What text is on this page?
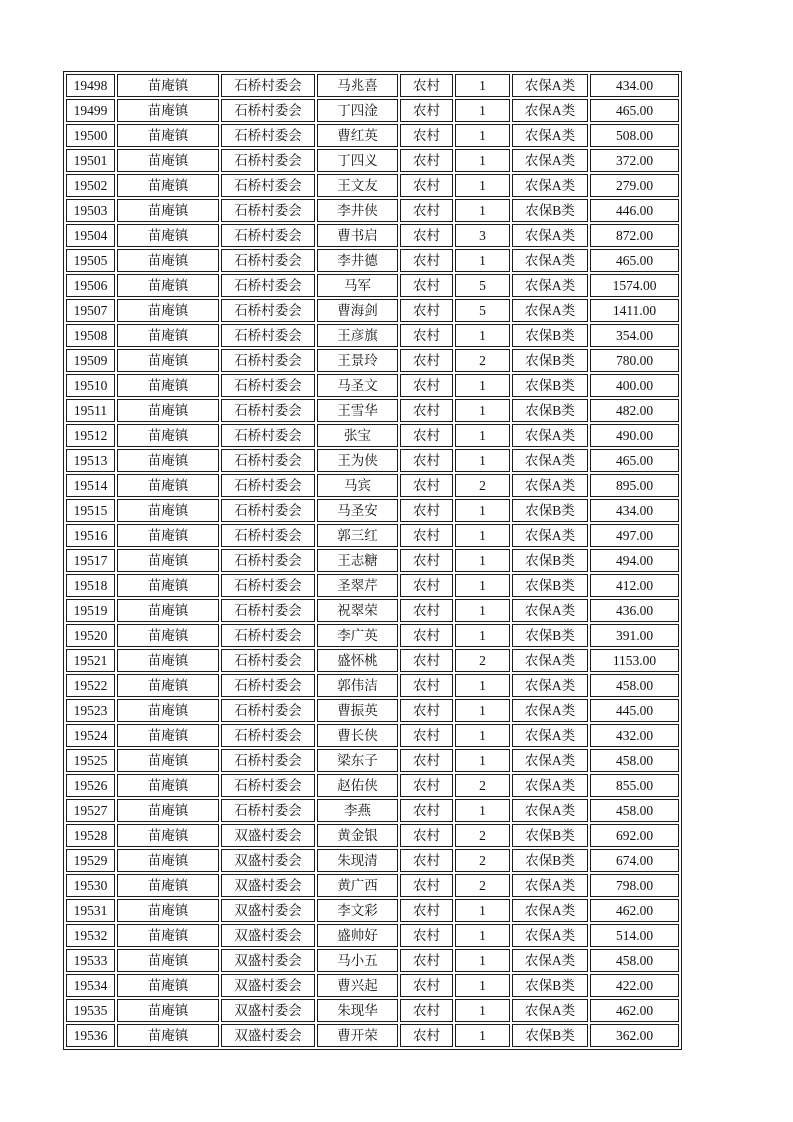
19498	苗庵镇	石桥村委会	马兆喜	农村	1	农保A类	434.00
19499	苗庵镇	石桥村委会	丁四淦	农村	1	农保A类	465.00
19500	苗庵镇	石桥村委会	曹红英	农村	1	农保A类	508.00
19501	苗庵镇	石桥村委会	丁四义	农村	1	农保A类	372.00
19502	苗庵镇	石桥村委会	王文友	农村	1	农保A类	279.00
19503	苗庵镇	石桥村委会	李井侠	农村	1	农保B类	446.00
19504	苗庵镇	石桥村委会	曹书启	农村	3	农保A类	872.00
19505	苗庵镇	石桥村委会	李井德	农村	1	农保A类	465.00
19506	苗庵镇	石桥村委会	马军	农村	5	农保A类	1574.00
19507	苗庵镇	石桥村委会	曹海剑	农村	5	农保A类	1411.00
19508	苗庵镇	石桥村委会	王彦旗	农村	1	农保B类	354.00
19509	苗庵镇	石桥村委会	王景玲	农村	2	农保B类	780.00
19510	苗庵镇	石桥村委会	马圣文	农村	1	农保B类	400.00
19511	苗庵镇	石桥村委会	王雪华	农村	1	农保B类	482.00
19512	苗庵镇	石桥村委会	张宝	农村	1	农保A类	490.00
19513	苗庵镇	石桥村委会	王为侠	农村	1	农保A类	465.00
19514	苗庵镇	石桥村委会	马宾	农村	2	农保A类	895.00
19515	苗庵镇	石桥村委会	马圣安	农村	1	农保B类	434.00
19516	苗庵镇	石桥村委会	郭三红	农村	1	农保A类	497.00
19517	苗庵镇	石桥村委会	王志糖	农村	1	农保B类	494.00
19518	苗庵镇	石桥村委会	圣翠芹	农村	1	农保B类	412.00
19519	苗庵镇	石桥村委会	祝翠荣	农村	1	农保A类	436.00
19520	苗庵镇	石桥村委会	李广英	农村	1	农保B类	391.00
19521	苗庵镇	石桥村委会	盛怀桃	农村	2	农保A类	1153.00
19522	苗庵镇	石桥村委会	郭伟洁	农村	1	农保A类	458.00
19523	苗庵镇	石桥村委会	曹振英	农村	1	农保A类	445.00
19524	苗庵镇	石桥村委会	曹长侠	农村	1	农保A类	432.00
19525	苗庵镇	石桥村委会	梁东子	农村	1	农保A类	458.00
19526	苗庵镇	石桥村委会	赵佑侠	农村	2	农保A类	855.00
19527	苗庵镇	石桥村委会	李燕	农村	1	农保A类	458.00
19528	苗庵镇	双盛村委会	黄金银	农村	2	农保B类	692.00
19529	苗庵镇	双盛村委会	朱现清	农村	2	农保B类	674.00
19530	苗庵镇	双盛村委会	黄广西	农村	2	农保A类	798.00
19531	苗庵镇	双盛村委会	李文彩	农村	1	农保A类	462.00
19532	苗庵镇	双盛村委会	盛帅好	农村	1	农保A类	514.00
19533	苗庵镇	双盛村委会	马小五	农村	1	农保A类	458.00
19534	苗庵镇	双盛村委会	曹兴起	农村	1	农保B类	422.00
19535	苗庵镇	双盛村委会	朱现华	农村	1	农保A类	462.00
19536	苗庵镇	双盛村委会	曹开荣	农村	1	农保B类	362.00
